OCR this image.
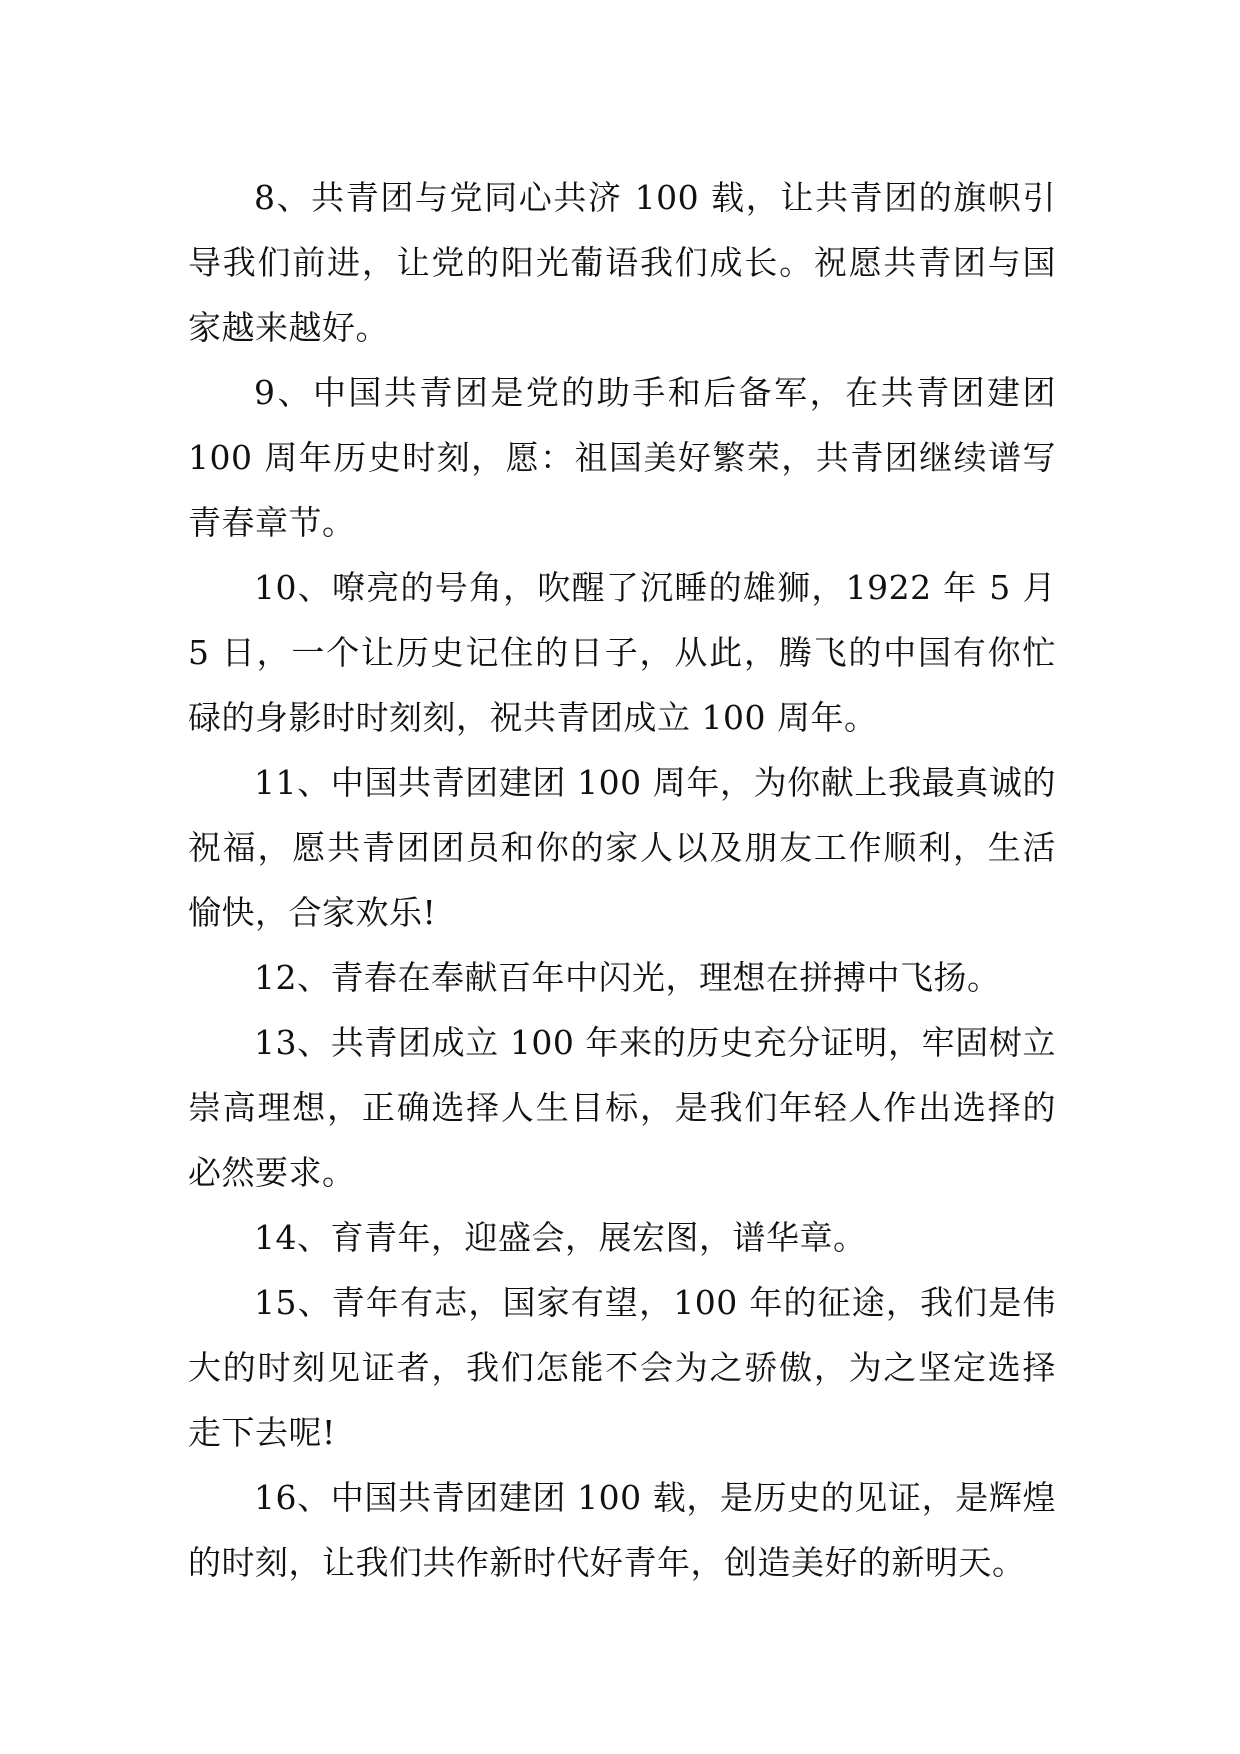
8、共青团与党同心共济 100 载，让共青团的旗帜引导我们前进，让党的阳光葡语我们成长。祝愿共青团与国家越来越好。

9、中国共青团是党的助手和后备军，在共青团建团 100 周年历史时刻，愿：祖国美好繁荣，共青团继续谱写青春章节。

10、嘹亮的号角，吹醒了沉睡的雄狮，1922 年 5 月 5 日，一个让历史记住的日子，从此，腾飞的中国有你忙碌的身影时时刻刻，祝共青团成立 100 周年。

11、中国共青团建团 100 周年，为你献上我最真诚的祝福，愿共青团团员和你的家人以及朋友工作顺利，生活愉快，合家欢乐!

12、青春在奉献百年中闪光，理想在拼搏中飞扬。

13、共青团成立 100 年来的历史充分证明，牢固树立崇高理想，正确选择人生目标，是我们年轻人作出选择的必然要求。

14、育青年，迎盛会，展宏图，谱华章。

15、青年有志，国家有望，100 年的征途，我们是伟大的时刻见证者，我们怎能不会为之骄傲，为之坚定选择走下去呢!

16、中国共青团建团 100 载，是历史的见证，是辉煌的时刻，让我们共作新时代好青年，创造美好的新明天。
